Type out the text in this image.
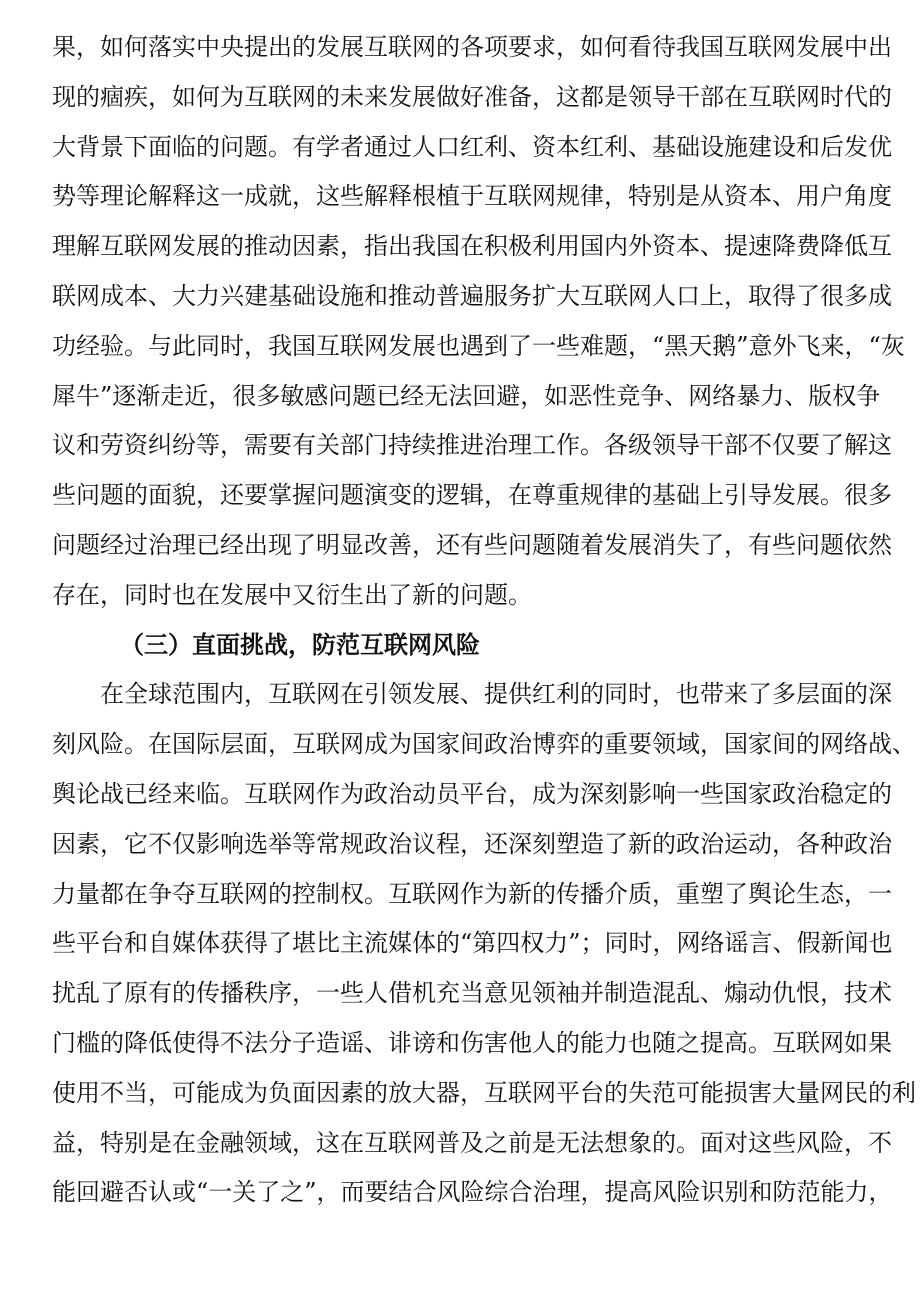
果，如何落实中央提出的发展互联网的各项要求，如何看待我国互联网发展中出
现的痼疾，如何为互联网的未来发展做好准备，这都是领导干部在互联网时代的
大背景下面临的问题。有学者通过人口红利、资本红利、基础设施建设和后发优
势等理论解释这一成就，这些解释根植于互联网规律，特别是从资本、用户角度
理解互联网发展的推动因素，指出我国在积极利用国内外资本、提速降费降低互
联网成本、大力兴建基础设施和推动普遍服务扩大互联网人口上，取得了很多成
功经验。与此同时，我国互联网发展也遇到了一些难题，“黑天鹅”意外飞来，“灰
犀牛”逐渐走近，很多敏感问题已经无法回避，如恶性竞争、网络暴力、版权争
议和劳资纠纷等，需要有关部门持续推进治理工作。各级领导干部不仅要了解这
些问题的面貌，还要掌握问题演变的逻辑，在尊重规律的基础上引导发展。很多
问题经过治理已经出现了明显改善，还有些问题随着发展消失了，有些问题依然
存在，同时也在发展中又衍生出了新的问题。
（三）直面挑战，防范互联网风险
在全球范围内，互联网在引领发展、提供红利的同时，也带来了多层面的深
刻风险。在国际层面，互联网成为国家间政治博弈的重要领域，国家间的网络战、
舆论战已经来临。互联网作为政治动员平台，成为深刻影响一些国家政治稳定的
因素，它不仅影响选举等常规政治议程，还深刻塑造了新的政治运动，各种政治
力量都在争夺互联网的控制权。互联网作为新的传播介质，重塑了舆论生态，一
些平台和自媒体获得了堪比主流媒体的“第四权力”；同时，网络谣言、假新闻也
扰乱了原有的传播秩序，一些人借机充当意见领袖并制造混乱、煽动仇恨，技术
门槛的降低使得不法分子造谣、诽谤和伤害他人的能力也随之提高。互联网如果
使用不当，可能成为负面因素的放大器，互联网平台的失范可能损害大量网民的利
益，特别是在金融领域，这在互联网普及之前是无法想象的。面对这些风险，不
能回避否认或“一关了之”，而要结合风险综合治理，提高风险识别和防范能力，
